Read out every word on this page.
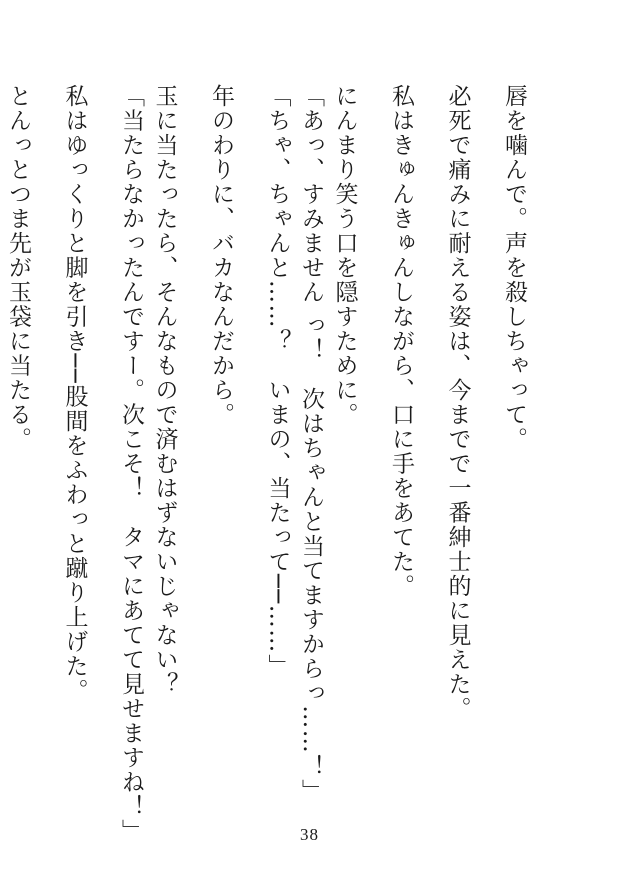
唇を噛んで。声を殺しちゃって。
必死で痛みに耐える姿は、今までで一番紳士的に見えた。
私はきゅんきゅんしながら、口に手をあてた。
にんまり笑う口を隠すために。
「あっ、すみません っ！　次はちゃんと当てますからっ……！」
「ちゃ、ちゃんと……？　いまの、当たって──……」
年のわりに、バカなんだから。
玉に当たったら、そんなもので済むはずないじゃない？
「当たらなかったんですー。次こそ！　タマにあてて見せますね！」
私はゆっくりと脚を引き──股間をふわっと蹴り上げた。
とんっとつま先が玉袋に当たる。
38
